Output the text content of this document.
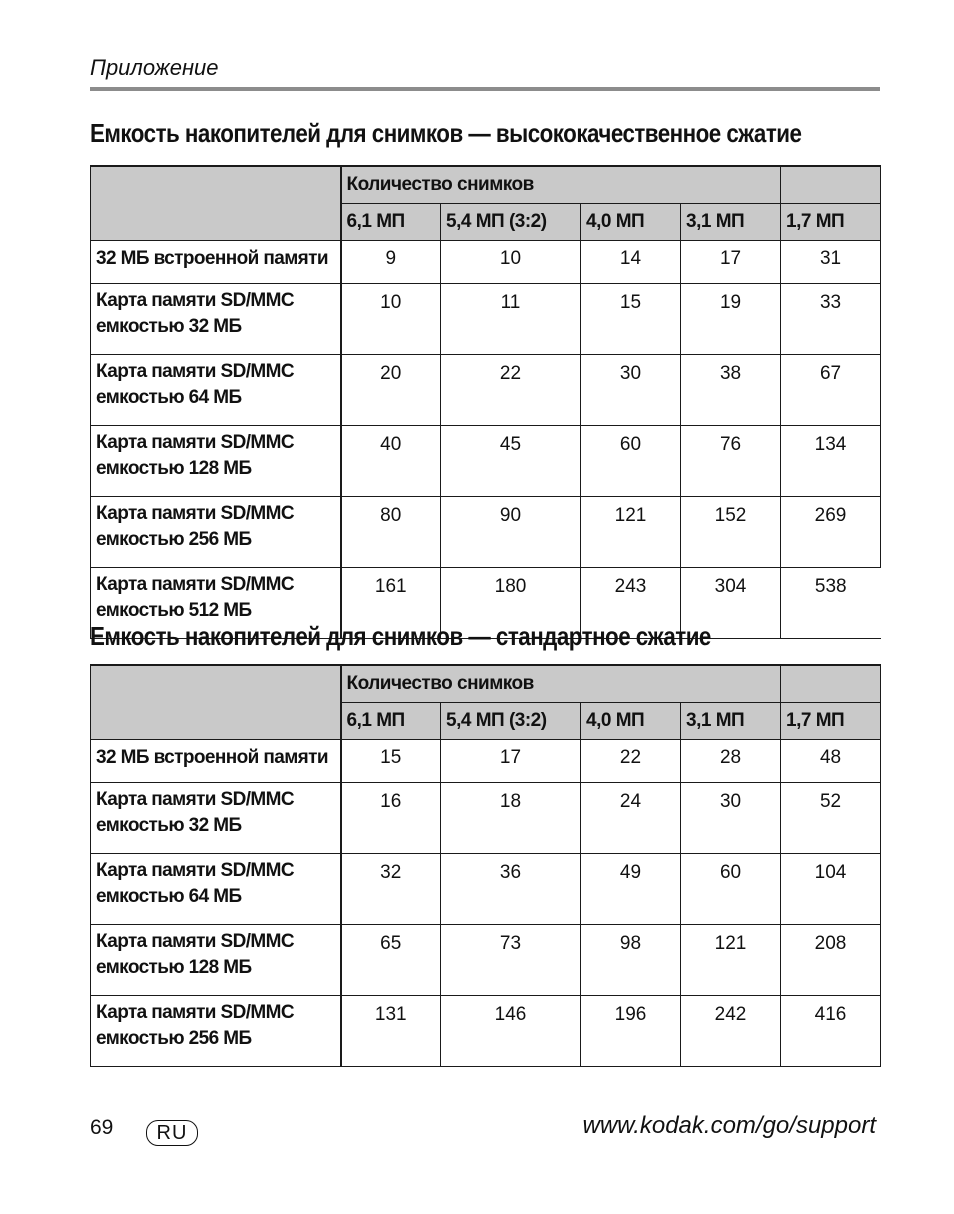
Приложение
Емкость накопителей для снимков — высококачественное сжатие
	Количество снимков				
	6,1 МП	5,4 МП (3:2)	4,0 МП	3,1 МП	1,7 МП

32 МБ встроенной памяти	9	10	14	17	31

Карта памяти SD/MMC
емкостью 32 МБ	10	11	15	19	33

Карта памяти SD/MMC
емкостью 64 МБ	20	22	30	38	67

Карта памяти SD/MMC
емкостью 128 МБ	40	45	60	76	134

Карта памяти SD/MMC
емкостью 256 МБ	80	90	121	152	269

Карта памяти SD/MMC
емкостью 512 МБ	161	180	243	304	538
Емкость накопителей для снимков — стандартное сжатие
	Количество снимков				
	6,1 МП	5,4 МП (3:2)	4,0 МП	3,1 МП	1,7 МП

32 МБ встроенной памяти	15	17	22	28	48

Карта памяти SD/MMC
емкостью 32 МБ	16	18	24	30	52

Карта памяти SD/MMC
емкостью 64 МБ	32	36	49	60	104

Карта памяти SD/MMC
емкостью 128 МБ	65	73	98	121	208

Карта памяти SD/MMC
емкостью 256 МБ	131	146	196	242	416
69	RU	www.kodak.com/go/support
